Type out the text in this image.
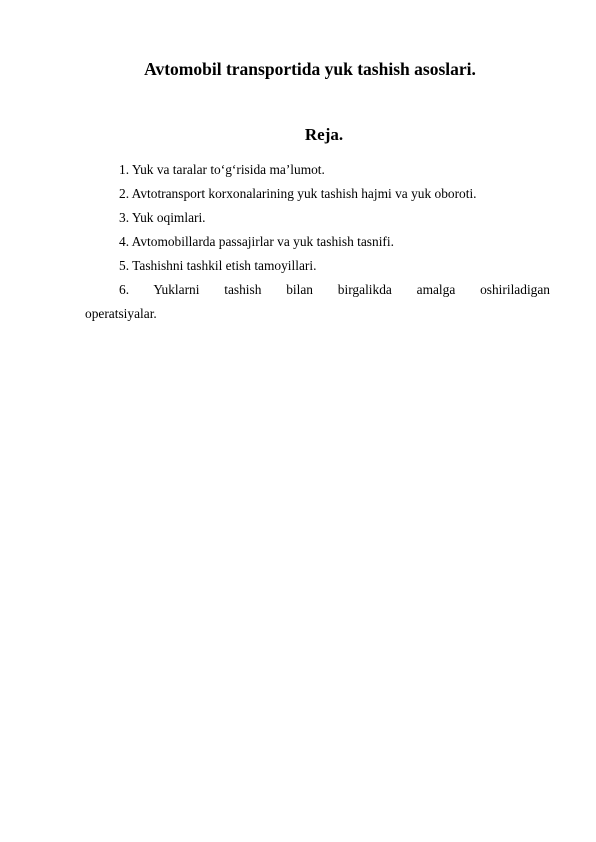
Avtomobil transportida yuk tashish asoslari.
Reja.
1. Yuk va taralar to‘g‘risida ma’lumot.
2. Avtotransport korxonalarining yuk tashish hajmi va yuk oboroti.
3. Yuk oqimlari.
4. Avtomobillarda passajirlar va yuk tashish tasnifi.
5. Tashishni tashkil etish tamoyillari.
6. Yuklarni tashish bilan birgalikda amalga oshiriladigan operatsiyalar.
